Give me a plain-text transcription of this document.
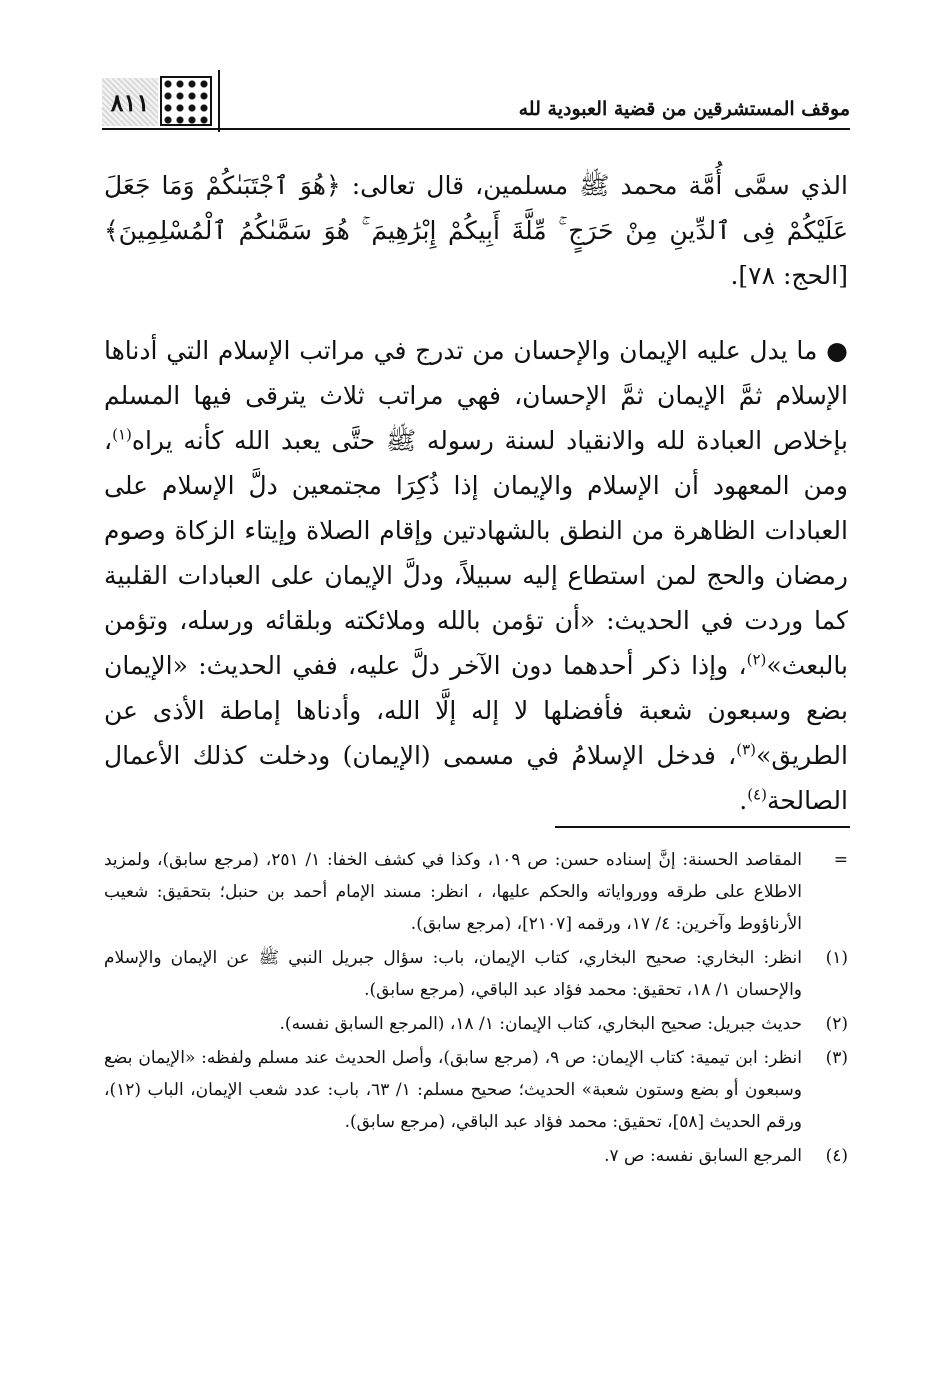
٨١١	موقف المستشرقين من قضية العبودية لله

الذي سمَّى أُمَّة محمد ﷺ مسلمين، قال تعالى: ﴿هُوَ ٱجْتَبَىٰكُمْ وَمَا جَعَلَ عَلَيْكُمْ فِى ٱلدِّينِ مِنْ حَرَجٍ ۚ مِّلَّةَ أَبِيكُمْ إِبْرَٰهِيمَ ۚ هُوَ سَمَّىٰكُمُ ٱلْمُسْلِمِينَ﴾ [الحج: ٧٨].

● ما يدل عليه الإيمان والإحسان من تدرج في مراتب الإسلام التي أدناها الإسلام ثمَّ الإيمان ثمَّ الإحسان، فهي مراتب ثلاث يترقى فيها المسلم بإخلاص العبادة لله والانقياد لسنة رسوله ﷺ حتَّى يعبد الله كأنه يراه$^{(١)}$، ومن المعهود أن الإسلام والإيمان إذا ذُكِرَا مجتمعين دلَّ الإسلام على العبادات الظاهرة من النطق بالشهادتين وإقام الصلاة وإيتاء الزكاة وصوم رمضان والحج لمن استطاع إليه سبيلاً، ودلَّ الإيمان على العبادات القلبية كما وردت في الحديث: «أن تؤمن بالله وملائكته وبلقائه ورسله، وتؤمن بالبعث»$^{(٢)}$، وإذا ذكر أحدهما دون الآخر دلَّ عليه، ففي الحديث: «الإيمان بضع وسبعون شعبة فأفضلها لا إله إلَّا الله، وأدناها إماطة الأذى عن الطريق»$^{(٣)}$، فدخل الإسلامُ في مسمى (الإيمان) ودخلت كذلك الأعمال الصالحة$^{(٤)}$.

=
المقاصد الحسنة: إنَّ إسناده حسن: ص ١٠٩، وكذا في كشف الخفا: ١/ ٢٥١، (مرجع سابق)، ولمزيد الاطلاع على طرقه وورواياته والحكم عليها، ، انظر: مسند الإمام أحمد بن حنبل؛ بتحقيق: شعيب الأرناؤوط وآخرين: ٤/ ١٧، ورقمه [٢١٠٧]، (مرجع سابق).
(١)
انظر: البخاري: صحيح البخاري، كتاب الإيمان، باب: سؤال جبريل النبي ﷺ عن الإيمان والإسلام والإحسان ١/ ١٨، تحقيق: محمد فؤاد عبد الباقي، (مرجع سابق).
(٢)
حديث جبريل: صحيح البخاري، كتاب الإيمان: ١/ ١٨، (المرجع السابق نفسه).
(٣)
انظر: ابن تيمية: كتاب الإيمان: ص ٩، (مرجع سابق)، وأصل الحديث عند مسلم ولفظه: «الإيمان بضع وسبعون أو بضع وستون شعبة» الحديث؛ صحيح مسلم: ١/ ٦٣، باب: عدد شعب الإيمان، الباب (١٢)، ورقم الحديث [٥٨]، تحقيق: محمد فؤاد عبد الباقي، (مرجع سابق).
(٤)
المرجع السابق نفسه: ص ٧.
